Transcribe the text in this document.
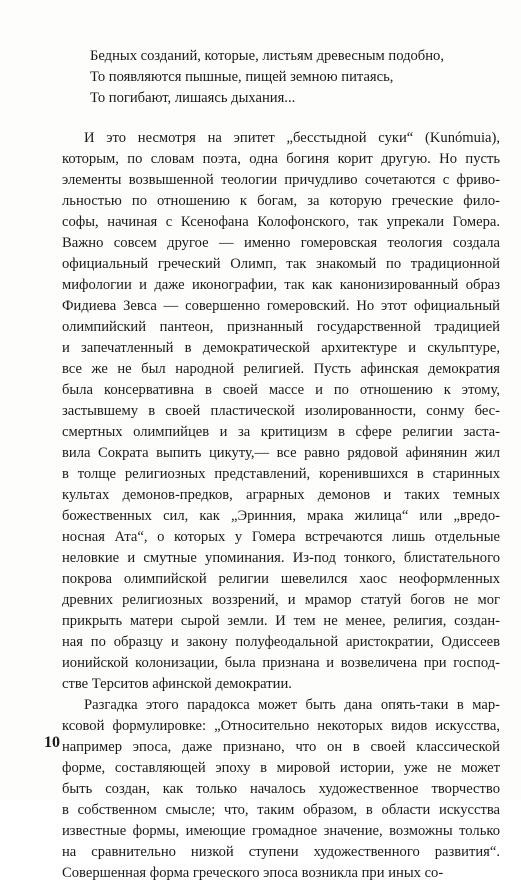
Бедных созданий, которые, листьям древесным подобно,
То появляются пышные, пищей земною питаясь,
То погибают, лишаясь дыхания...
И это несмотря на эпитет „бесстыдной суки“ (Kunómuia),
которым, по словам поэта, одна богиня корит другую. Но пусть
элементы возвышенной теологии причудливо сочетаются с фриво-
льностью по отношению к богам, за которую греческие фило-
софы, начиная с Ксенофана Колофонского, так упрекали Гомера.
Важно совсем другое — именно гомеровская теология создала
официальный греческий Олимп, так знакомый по традиционной
мифологии и даже иконографии, так как канонизированный образ
Фидиева Зевса — совершенно гомеровский. Но этот официальный
олимпийский пантеон, признанный государственной традицией
и запечатленный в демократической архитектуре и скульптуре,
все же не был народной религией. Пусть афинская демократия
была консервативна в своей массе и по отношению к этому,
застывшему в своей пластической изолированности, сонму бес-
смертных олимпийцев и за критицизм в сфере религии заста-
вила Сократа выпить цикуту,— все равно рядовой афинянин жил
в толще религиозных представлений, коренившихся в старинных
культах демонов-предков, аграрных демонов и таких темных
божественных сил, как „Эринния, мрака жилица“ или „вредо-
носная Ата“, о которых у Гомера встречаются лишь отдельные
неловкие и смутные упоминания. Из-под тонкого, блистательного
покрова олимпийской религии шевелился хаос неоформленных
древних религиозных воззрений, и мрамор статуй богов не мог
прикрыть матери сырой земли. И тем не менее, религия, создан-
ная по образцу и закону полуфеодальной аристократии, Одиссеев
ионийской колонизации, была признана и возвеличена при господ-
стве Терситов афинской демократии.
Разгадка этого парадокса может быть дана опять-таки в мар-
ксовой формулировке: „Относительно некоторых видов искусства,
например эпоса, даже признано, что он в своей классической
форме, составляющей эпоху в мировой истории, уже не может
быть создан, как только началось художественное творчество
в собственном смысле; что, таким образом, в области искусства
известные формы, имеющие громадное значение, возможны только
на сравнительно низкой ступени художественного развития“.
Совершенная форма греческого эпоса возникла при иных со-
10
